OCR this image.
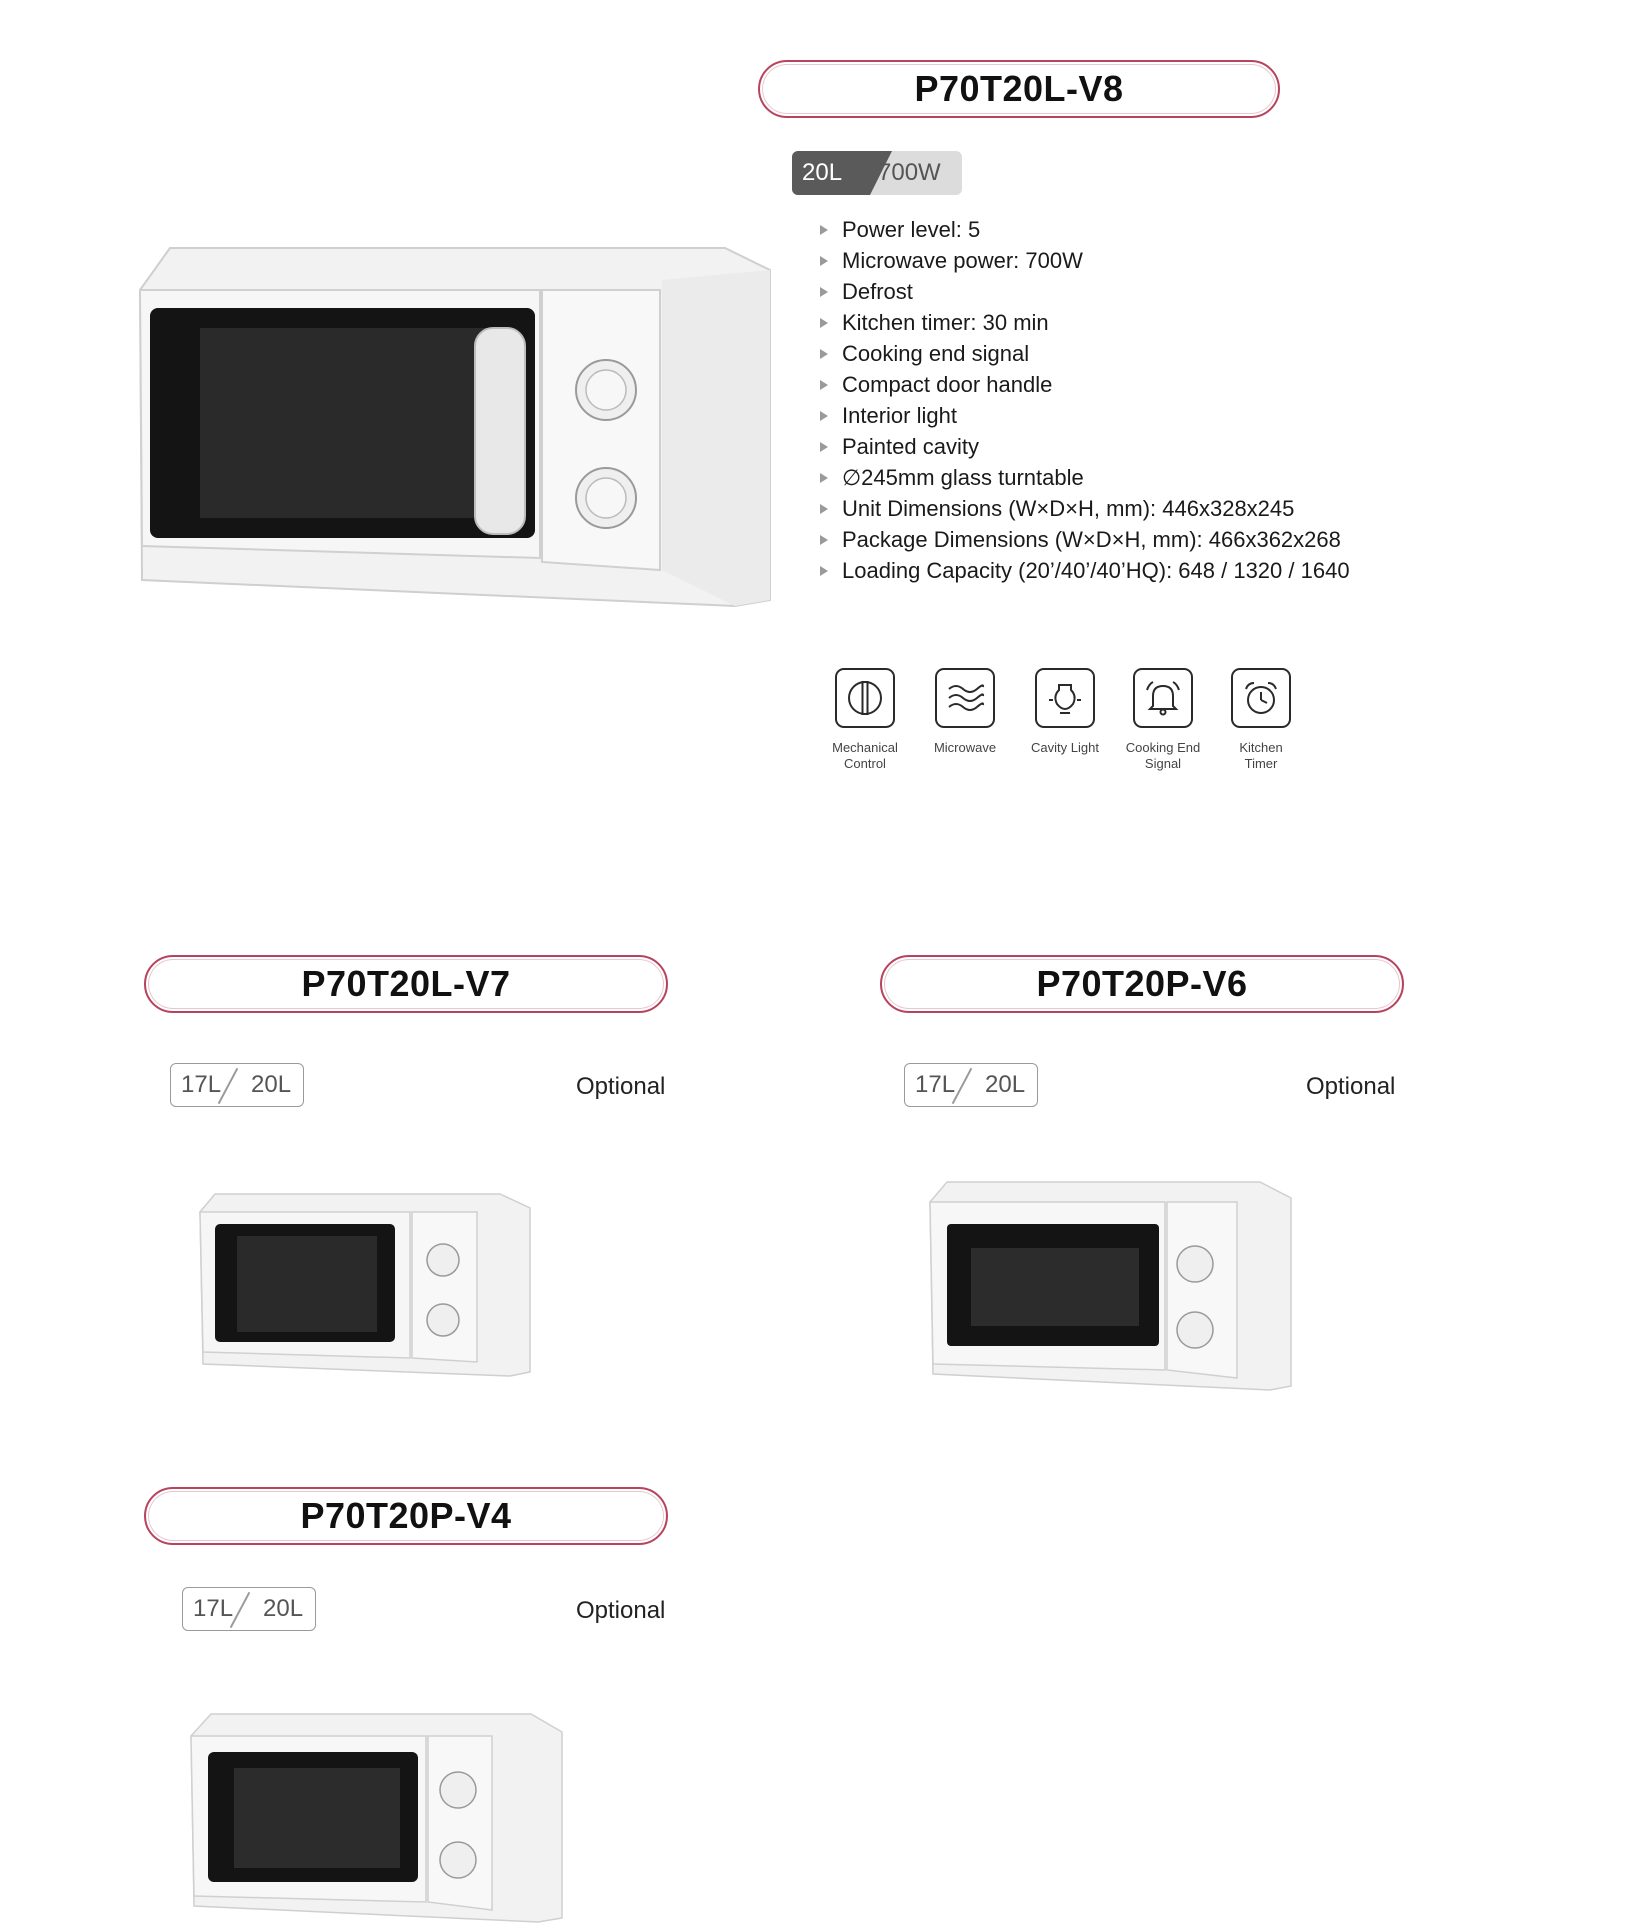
P70T20L-V8
20L 700W
Power level: 5
Microwave power: 700W
Defrost
Kitchen timer: 30 min
Cooking end signal
Compact door handle
Interior light
Painted cavity
∅245mm glass turntable
Unit Dimensions (W×D×H, mm): 446x328x245
Package Dimensions (W×D×H, mm): 466x362x268
Loading Capacity (20’/40’/40’HQ): 648 / 1320 / 1640
Mechanical
Control
Microwave	Cavity Light	Cooking End
Signal
Kitchen
Timer
P70T20L-V7
17L 20L	Optional
P70T20P-V6
17L 20L	Optional
P70T20P-V4
17L 20L	Optional
